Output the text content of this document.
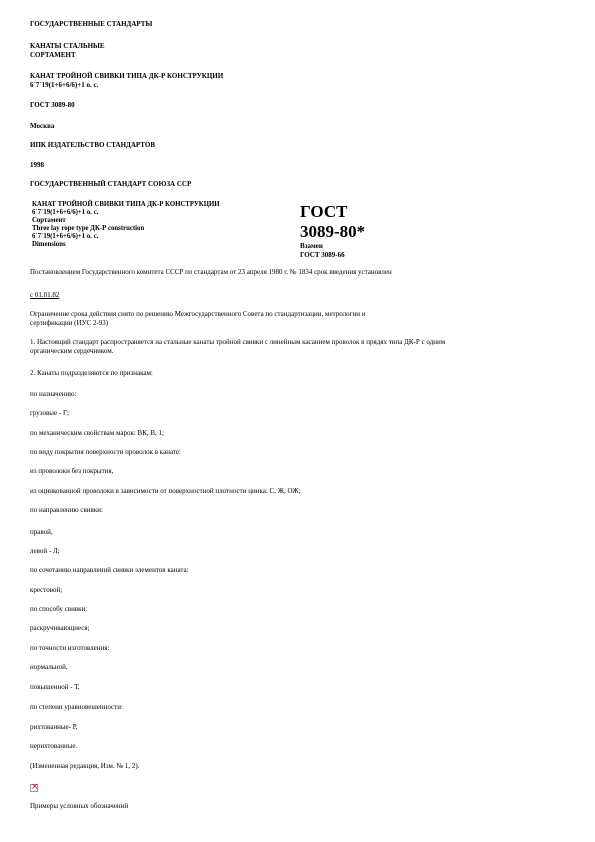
ГОСУДАРСТВЕННЫЕ СТАНДАРТЫ
КАНАТЫ СТАЛЬНЫЕ
СОРТАМЕНТ
КАНАТ ТРОЙНОЙ СВИВКИ ТИПА ДК-Р КОНСТРУКЦИИ
6´7´19(1+6+6/6)+1 о. с.
ГОСТ 3089-80
Москва
ИПК ИЗДАТЕЛЬСТВО СТАНДАРТОВ
1998
ГОСУДАРСТВЕННЫЙ СТАНДАРТ СОЮЗА ССР
КАНАТ ТРОЙНОЙ СВИВКИ ТИПА ДК-Р КОНСТРУКЦИИ
6´7´19(1+6+6/6)+1 о. с.
Сортамент
Three lay rope type ДК-Р construction
6´7´19(1+6+6/6)+1 о. с.
Dimensions
ГОСТ
3089-80*
Взамен
ГОСТ 3089-66
Постановлением Государственного комитета СССР по стандартам от 23 апреля 1980 г. № 1834 срок введения установлен
с 01.01.82
Ограничение срока действия снято по решению Межгосударственного Совета по стандартизации, метрологии и
сертификации (ИУС 2-93)
1. Настоящий стандарт распространяется на стальные канаты тройной свивки с линейным касанием проволок в прядях типа ДК-Р с одним
органическим сердечником.
2. Канаты подразделяются по признакам:
по назначению:
грузовые - Г;
по механическим свойствам марок: ВК, В, 1;
по виду покрытия поверхности проволок в канате:
из проволоки без покрытия,
из оцинкованной проволоки в зависимости от поверхностной плотности цинка: С, Ж, ОЖ;
по направлению свивки:
правой,
левой - Л;
по сочетанию направлений свивки элементов каната:
крестовой;
по способу свивки:
раскручивающиеся;
по точности изготовления:
нормальной,
повышенной - Т.
по степени уравновешенности:
рихтованные- Р,
нерихтованные.
(Измененная редакция, Изм. № 1, 2).
×
Примеры условных обозначений
